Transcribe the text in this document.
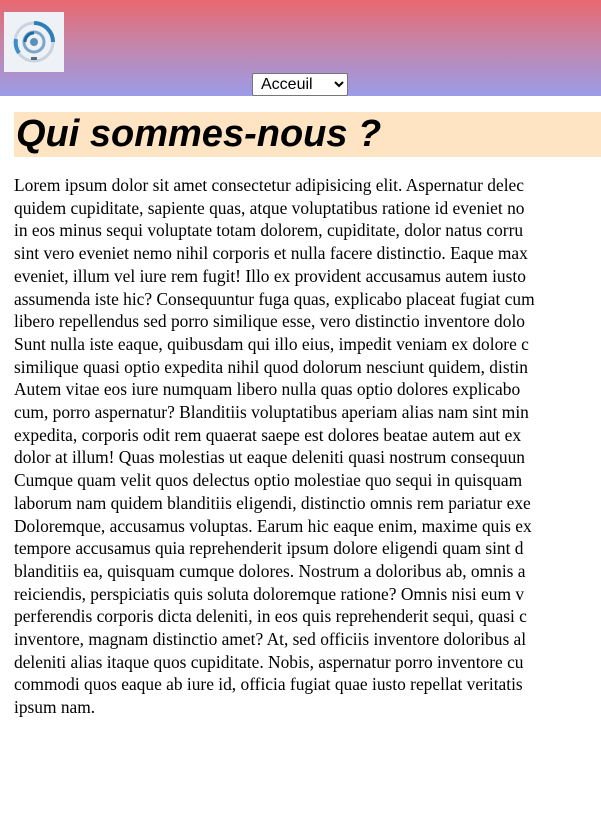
Acceuil
Qui sommes-nous ?

Lorem ipsum dolor sit amet consectetur adipisicing elit. Aspernatur delec
quidem cupiditate, sapiente quas, atque voluptatibus ratione id eveniet no
in eos minus sequi voluptate totam dolorem, cupiditate, dolor natus corru
sint vero eveniet nemo nihil corporis et nulla facere distinctio. Eaque max
eveniet, illum vel iure rem fugit! Illo ex provident accusamus autem iusto
assumenda iste hic? Consequuntur fuga quas, explicabo placeat fugiat cum
libero repellendus sed porro similique esse, vero distinctio inventore dolo
Sunt nulla iste eaque, quibusdam qui illo eius, impedit veniam ex dolore c
similique quasi optio expedita nihil quod dolorum nesciunt quidem, distin
Autem vitae eos iure numquam libero nulla quas optio dolores explicabo
cum, porro aspernatur? Blanditiis voluptatibus aperiam alias nam sint min
expedita, corporis odit rem quaerat saepe est dolores beatae autem aut ex
dolor at illum! Quas molestias ut eaque deleniti quasi nostrum consequun
Cumque quam velit quos delectus optio molestiae quo sequi in quisquam
laborum nam quidem blanditiis eligendi, distinctio omnis rem pariatur exe
Doloremque, accusamus voluptas. Earum hic eaque enim, maxime quis ex
tempore accusamus quia reprehenderit ipsum dolore eligendi quam sint d
blanditiis ea, quisquam cumque dolores. Nostrum a doloribus ab, omnis a
reiciendis, perspiciatis quis soluta doloremque ratione? Omnis nisi eum v
perferendis corporis dicta deleniti, in eos quis reprehenderit sequi, quasi c
inventore, magnam distinctio amet? At, sed officiis inventore doloribus al
deleniti alias itaque quos cupiditate. Nobis, aspernatur porro inventore cu
commodi quos eaque ab iure id, officia fugiat quae iusto repellat veritatis
ipsum nam.
